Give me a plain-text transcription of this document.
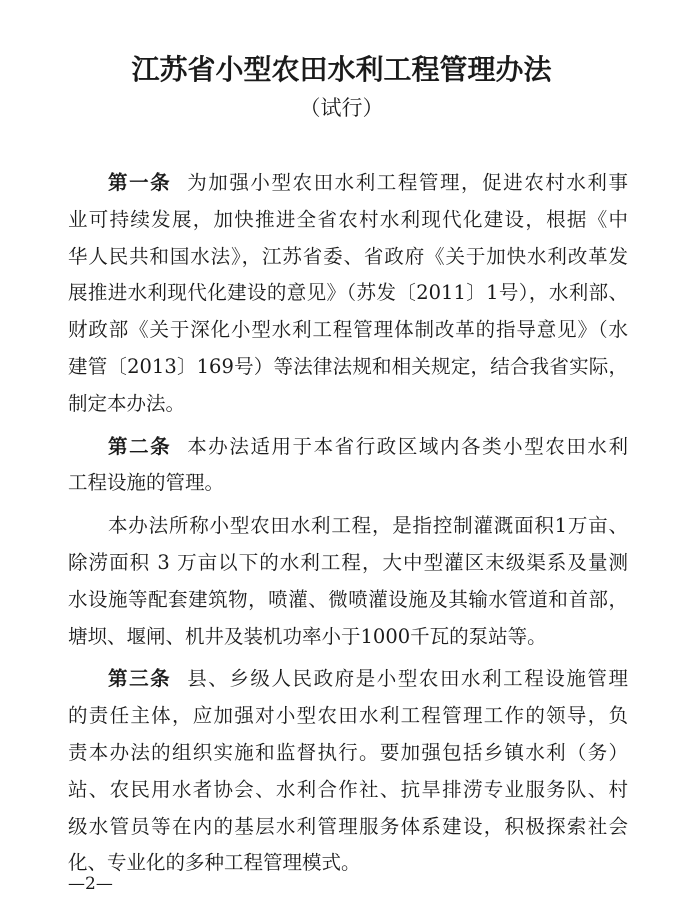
江苏省小型农田水利工程管理办法
（试行）
第一条 为加强小型农田水利工程管理，促进农村水利事
业可持续发展，加快推进全省农村水利现代化建设，根据《中
华人民共和国水法》，江苏省委、省政府《关于加快水利改革发
展推进水利现代化建设的意见》（苏发〔2011〕1号），水利部、
财政部《关于深化小型水利工程管理体制改革的指导意见》（水
建管〔2013〕169号）等法律法规和相关规定，结合我省实际，
制定本办法。
第二条 本办法适用于本省行政区域内各类小型农田水利
工程设施的管理。
本办法所称小型农田水利工程，是指控制灌溉面积1万亩、
除涝面积 3 万亩以下的水利工程，大中型灌区末级渠系及量测
水设施等配套建筑物，喷灌、微喷灌设施及其输水管道和首部，
塘坝、堰闸、机井及装机功率小于1000千瓦的泵站等。
第三条 县、乡级人民政府是小型农田水利工程设施管理
的责任主体，应加强对小型农田水利工程管理工作的领导，负
责本办法的组织实施和监督执行。要加强包括乡镇水利（务）
站、农民用水者协会、水利合作社、抗旱排涝专业服务队、村
级水管员等在内的基层水利管理服务体系建设，积极探索社会
化、专业化的多种工程管理模式。
—2—
